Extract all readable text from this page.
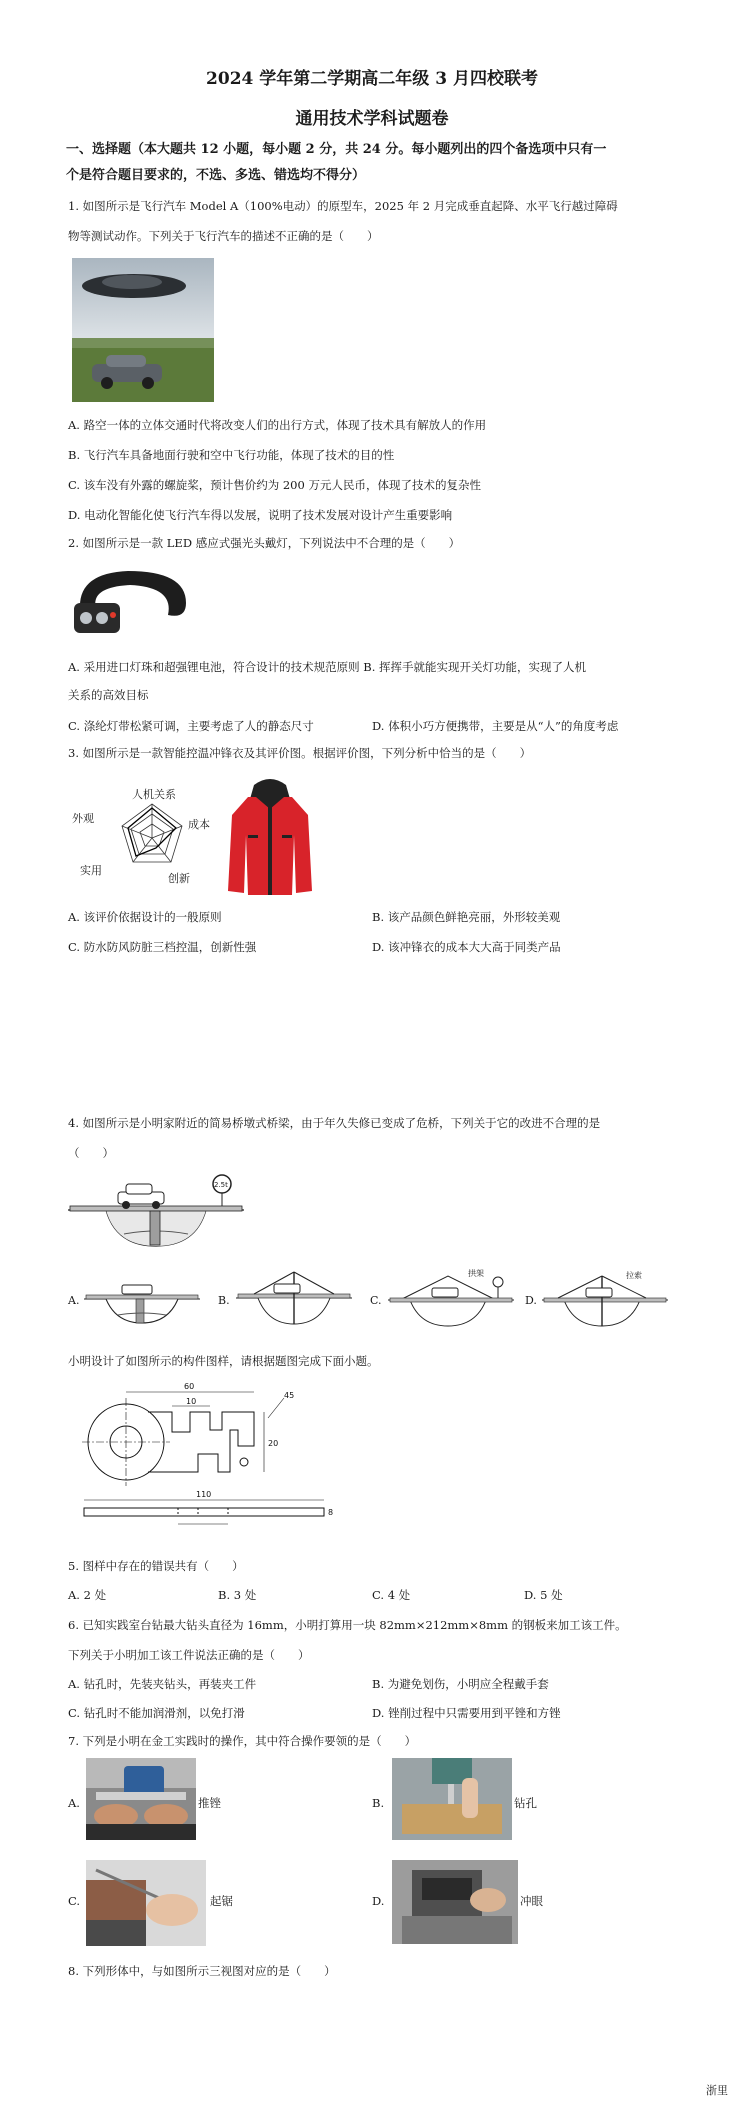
2024 学年第二学期高二年级 3 月四校联考
通用技术学科试题卷
一、选择题（本大题共 12 小题，每小题 2 分，共 24 分。每小题列出的四个备选项中只有一
个是符合题目要求的，不选、多选、错选均不得分）
1. 如图所示是飞行汽车 Model A（100%电动）的原型车，2025 年 2 月完成垂直起降、水平飞行越过障碍
物等测试动作。下列关于飞行汽车的描述不正确的是（　　）
A. 路空一体的立体交通时代将改变人们的出行方式，体现了技术具有解放人的作用
B. 飞行汽车具备地面行驶和空中飞行功能，体现了技术的目的性
C. 该车没有外露的螺旋桨，预计售价约为 200 万元人民币，体现了技术的复杂性
D. 电动化智能化使飞行汽车得以发展，说明了技术发展对设计产生重要影响
2. 如图所示是一款 LED 感应式强光头戴灯，下列说法中不合理的是（　　）
A. 采用进口灯珠和超强锂电池，符合设计的技术规范原则 B. 挥挥手就能实现开关灯功能，实现了人机
关系的高效目标
C. 涤纶灯带松紧可调，主要考虑了人的静态尺寸	D. 体积小巧方便携带，主要是从“人”的角度考虑
3. 如图所示是一款智能控温冲锋衣及其评价图。根据评价图，下列分析中恰当的是（　　）
人机关系
成本
创新
实用
外观
A. 该评价依据设计的一般原则	B. 该产品颜色鲜艳亮丽，外形较美观
C. 防水防风防脏三档控温，创新性强	D. 该冲锋衣的成本大大高于同类产品
4. 如图所示是小明家附近的简易桥墩式桥梁，由于年久失修已变成了危桥，下列关于它的改进不合理的是
（　　）
2.5t
A.	B.	C.
拱架
D.
拉索
小明设计了如图所示的构件图样，请根据题图完成下面小题。
60
10
20
45
110
8
5. 图样中存在的错误共有（　　）
A. 2 处	B. 3 处	C. 4 处	D. 5 处
6. 已知实践室台钻最大钻头直径为 16mm，小明打算用一块 82mm×212mm×8mm 的钢板来加工该工件。
下列关于小明加工该工件说法正确的是（　　）
A. 钻孔时，先装夹钻头，再装夹工件	B. 为避免划伤，小明应全程戴手套
C. 钻孔时不能加润滑剂，以免打滑	D. 锉削过程中只需要用到平锉和方锉
7. 下列是小明在金工实践时的操作，其中符合操作要领的是（　　）
A.	推锉	B.	钻孔
C.	起锯	D.	冲眼
8. 下列形体中，与如图所示三视图对应的是（　　）
浙里
